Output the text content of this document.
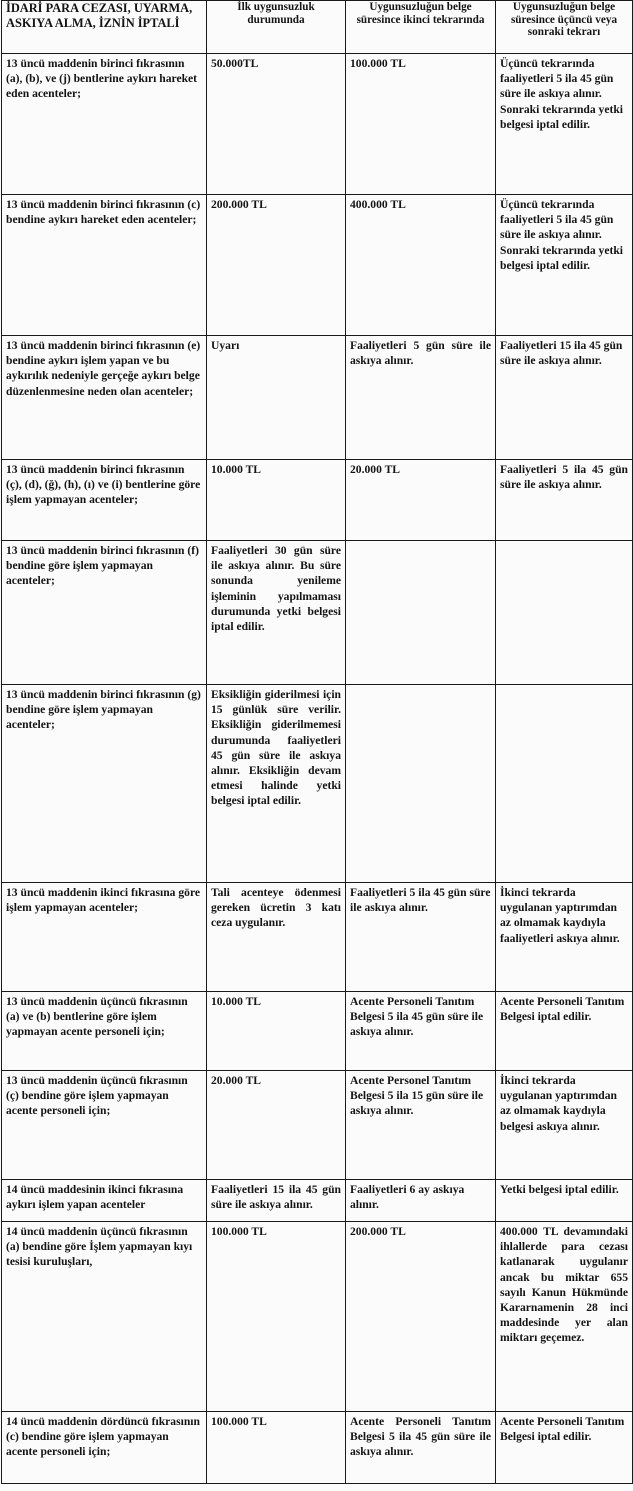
İDARİ PARA CEZASI, UYARMA, ASKIYA ALMA, İZNİN İPTALİ	İlk uygunsuzluk durumunda	Uygunsuzluğun belge süresince ikinci tekrarında	Uygunsuzluğun belge süresince üçüncü veya sonraki tekrarı
13 üncü maddenin birinci fıkrasının (a), (b), ve (j) bentlerine aykırı hareket eden acenteler;	50.000TL	100.000 TL	Üçüncü tekrarında faaliyetleri 5 ila 45 gün süre ile askıya alınır. Sonraki tekrarında yetki belgesi iptal edilir.
13 üncü maddenin birinci fıkrasının (c) bendine aykırı hareket eden acenteler;	200.000 TL	400.000 TL	Üçüncü tekrarında faaliyetleri 5 ila 45 gün süre ile askıya alınır. Sonraki tekrarında yetki belgesi iptal edilir.
13 üncü maddenin birinci fıkrasının (e) bendine aykırı işlem yapan ve bu aykırılık nedeniyle gerçeğe aykırı belge düzenlenmesine neden olan acenteler;	Uyarı	Faaliyetleri 5 gün süre ile askıya alınır.	Faaliyetleri 15 ila 45 gün süre ile askıya alınır.
13 üncü maddenin birinci fıkrasının (ç), (d), (ğ), (h), (ı) ve (i) bentlerine göre işlem yapmayan acenteler;	10.000 TL	20.000 TL	Faaliyetleri 5 ila 45 gün süre ile askıya alınır.
13 üncü maddenin birinci fıkrasının (f) bendine göre işlem yapmayan acenteler;	Faaliyetleri 30 gün süre ile askıya alınır. Bu süre sonunda yenileme işleminin yapılmaması durumunda yetki belgesi iptal edilir.		
13 üncü maddenin birinci fıkrasının (g) bendine göre işlem yapmayan acenteler;	Eksikliğin giderilmesi için 15 günlük süre verilir. Eksikliğin giderilmemesi durumunda faaliyetleri 45 gün süre ile askıya alınır. Eksikliğin devam etmesi halinde yetki belgesi iptal edilir.		
13 üncü maddenin ikinci fıkrasına göre işlem yapmayan acenteler;	Tali acenteye ödenmesi gereken ücretin 3 katı ceza uygulanır.	Faaliyetleri 5 ila 45 gün süre ile askıya alınır.	İkinci tekrarda uygulanan yaptırımdan az olmamak kaydıyla faaliyetleri askıya alınır.
13 üncü maddenin üçüncü fıkrasının (a) ve (b) bentlerine göre işlem yapmayan acente personeli için;	10.000 TL	Acente Personeli Tanıtım Belgesi 5 ila 45 gün süre ile askıya alınır.	Acente Personeli Tanıtım Belgesi iptal edilir.
13 üncü maddenin üçüncü fıkrasının (ç) bendine göre işlem yapmayan acente personeli için;	20.000 TL	Acente Personel Tanıtım Belgesi 5 ila 15 gün süre ile askıya alınır.	İkinci tekrarda uygulanan yaptırımdan az olmamak kaydıyla belgesi askıya alınır.
14 üncü maddesinin ikinci fıkrasına aykırı işlem yapan acenteler	Faaliyetleri 15 ila 45 gün süre ile askıya alınır.	Faaliyetleri 6 ay askıya alınır.	Yetki belgesi iptal edilir.
14 üncü maddenin üçüncü fıkrasının (a) bendine göre İşlem yapmayan kıyı tesisi kuruluşları,	100.000 TL	200.000 TL	400.000 TL devamındaki ihlallerde para cezası katlanarak uygulanır ancak bu miktar 655 sayılı Kanun Hükmünde Kararnamenin 28 inci maddesinde yer alan miktarı geçemez.
14 üncü maddenin dördüncü fıkrasının (c) bendine göre işlem yapmayan acente personeli için;	100.000 TL	Acente Personeli Tanıtım Belgesi 5 ila 45 gün süre ile askıya alınır.	Acente Personeli Tanıtım Belgesi iptal edilir.
